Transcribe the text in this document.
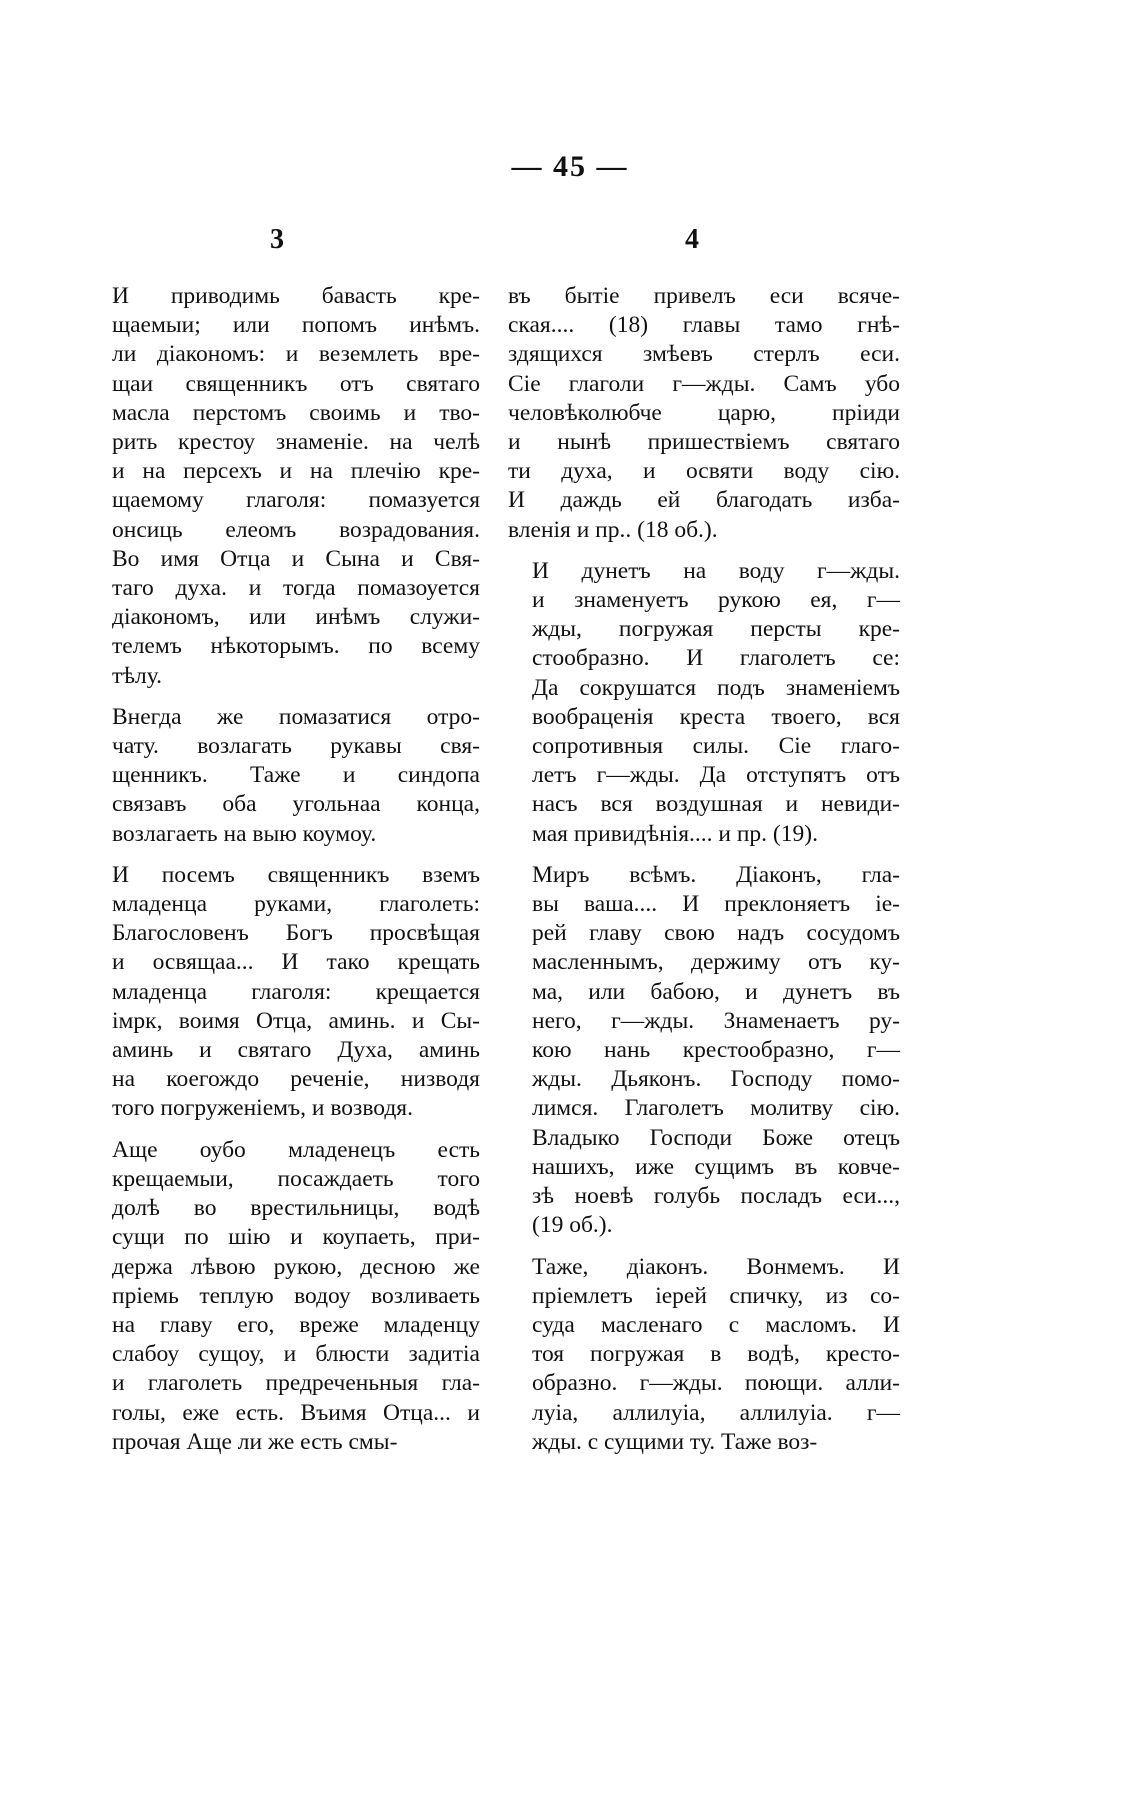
— 45 —
3	4
И приводимь бавасть кре-
щаемыи; или попомъ инѣмъ.
ли діакономъ: и веземлеть вре-
щаи священникъ отъ святаго
масла перстомъ своимь и тво-
рить крестоу знаменіе. на челѣ
и на персехъ и на плечію кре-
щаемому глаголя: помазуется
онсиць елеомъ возрадования.
Во имя Отца и Сына и Свя-
таго духа. и тогда помазоуется
діакономъ, или инѣмъ служи-
телемъ нѣкоторымъ. по всему
тѣлу.
Внегда же помазатися отро-
чату. возлагать рукавы свя-
щенникъ. Таже и синдопа
связавъ оба угольнаа конца,
возлагаеть на выю коумоу.
И посемъ священникъ вземъ
младенца руками, глаголеть:
Благословенъ Богъ просвѣщая
и освящаа... И тако крещать
младенца глаголя: крещается
імрк, воимя Отца, аминь. и Сы-
аминь и святаго Духа, аминь
на коегождо реченіе, низводя
того погруженіемъ, и возводя.
Аще оубо младенецъ есть
крещаемыи, посаждаеть того
долѣ во врестильницы, водѣ
сущи по шію и коупаеть, при-
держа лѣвою рукою, десною же
пріемь теплую водоу возливаеть
на главу его, вреже младенцу
слабоу сущоу, и блюсти задитіа
и глаголеть предреченьныя гла-
голы, еже есть. Въимя Отца... и
прочая Аще ли же есть смы-
въ бытіе привелъ еси всяче-
ская.... (18) главы тамо гнѣ-
здящихся змѣевъ стерлъ еси.
Сіе глаголи г—жды. Самъ убо
человѣколюбче царю, пріиди
и нынѣ пришествіемъ святаго
ти духа, и освяти воду сію.
И даждь ей благодать изба-
вленія и пр.. (18 об.).
И дунетъ на воду г—жды.
и знаменуетъ рукою ея, г—
жды, погружая персты кре-
стообразно. И глаголетъ се:
Да сокрушатся подъ знаменіемъ
вообраценія креста твоего, вся
сопротивныя силы. Сіе глаго-
летъ г—жды. Да отступятъ отъ
насъ вся воздушная и невиди-
мая привидѣнія.... и пр. (19).
Миръ всѣмъ. Діаконъ, гла-
вы ваша.... И преклоняетъ іе-
рей главу свою надъ сосудомъ
масленнымъ, держиму отъ ку-
ма, или бабою, и дунетъ въ
него, г—жды. Знаменаетъ ру-
кою нань крестообразно, г—
жды. Дьяконъ. Господу помо-
лимся. Глаголетъ молитву сію.
Владыко Господи Боже отецъ
нашихъ, иже сущимъ въ ковче-
зѣ ноевѣ голубь посладъ еси...,
(19 об.).
Таже, діаконъ. Вонмемъ. И
пріемлетъ іерей спичку, из со-
суда масленаго с масломъ. И
тоя погружая в водѣ, кресто-
образно. г—жды. поющи. алли-
луіа, аллилуіа, аллилуіа. г—
жды. с сущими ту. Таже воз-
